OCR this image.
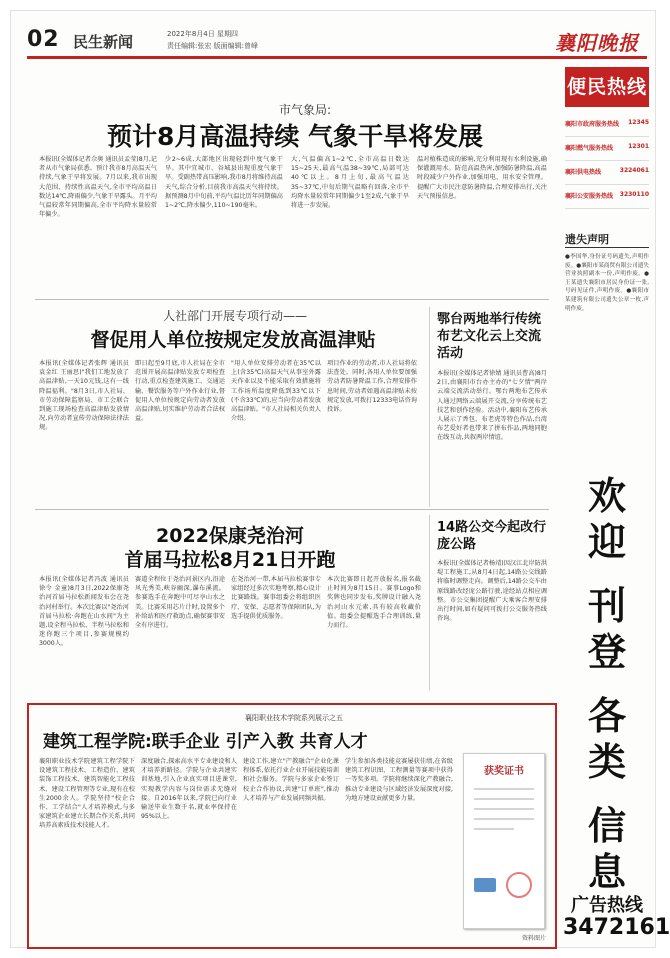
02 民生新闻	2022年8月4日 星期四
责任编辑:张宏 版面编辑:曾峰	襄阳晚报
市气象局:
预计8月高温持续 气象干旱将发展
本报讯(全媒体记者佘奥 通讯员孟莹)8月,记者从市气象局获悉。预计我市8月高温天气持续,气象干旱将发展。7月以来,我市出现大范围、持续性高温天气,全市平均高温日数达14℃,降雨偏少,气象干旱露头。月平均气温较常年同期偏高,全市平均降水量较常年偏少。
少2~6成,大部地区出现轻到中度气象干旱。其中宜城市、谷城县出现重度气象干旱。受副热带高压影响,我市8月将维持高温天气,综合分析,目前我市高温天气将持续。据预测8月中旬前,平均气温比历年同期偏高1~2℃,降水偏少,110~190毫米。
大,气温偏高1~2℃,全市高温日数达15~25天,最高气温38~39℃,局部可达40℃以上。8月上旬,最高气温达35~37℃,中旬后期气温略有回落,全市平均降水量较常年同期偏少1至2成,气象干旱将进一步发展。
温对植株造成的影响,充分利用现有水利设施,确保灌溉用水。防范高温热害,加强防暑降温,高温时段减少户外作业,加强用电、用水安全管理。提醒广大市民注意防暑降温,合理安排出行,关注天气预报信息。
人社部门开展专项行动——
督促用人单位按规定发放高温津贴
本报讯(全媒体记者张辉 通讯员袁金红 王丽思)"我们工地发放了高温津贴,一天10元钱,这有一线降温福利。"8月3日,市人社局、市劳动保障监察局、市工会联合到施工现场检查高温津贴发放情况,向劳动者宣传劳动保障法律法规。
即日起至9月底,市人社局在全市范围开展高温津贴发放专项检查行动,重点检查建筑施工、交通运输、餐饮服务等户外作业行业,督促用人单位按规定向劳动者发放高温津贴,切实维护劳动者合法权益。
"用人单位安排劳动者在35℃以上(含35℃)高温天气从事室外露天作业以及不能采取有效措施将工作场所温度降低到33℃以下(不含33℃)的,应当向劳动者发放高温津贴。"市人社局相关负责人介绍。
项目作业的劳动者,市人社局将依法查处。同时,各用人单位要加强劳动者防暑降温工作,合理安排作息时间,劳动者如遇高温津贴未按规定发放,可拨打12333电话咨询投诉。
鄂台两地举行传统布艺文化云上交流活动
本报讯(全媒体记者徐婧 通讯员曹高)8月2日,由襄阳市台办主办的"七夕情"两岸云端交流活动举行。鄂台两地布艺传承人通过网络云端展开交流,分享传统布艺技艺和创作经验。活动中,襄阳布艺传承人展示了香包、布老虎等特色作品,台湾布艺爱好者也带来了拼布作品,两地同胞在线互动,共叙两岸情谊。
2022保康尧治河
首届马拉松8月21日开跑
本报讯(全媒体记者冯波 通讯员徐令 金童)8月3日,2022保康尧治河首届马拉松新闻发布会在尧治河村举行。本次比赛以"尧治河首届马拉松·奔跑在山水间"为主题,设全程马拉松、半程马拉松和迷你跑三个项目,参赛规模约3000人。
赛道全程位于尧治河景区内,沿途风光秀美,峡谷幽深,瀑布溪流。参赛选手在奔跑中可尽享山水之美。比赛采用芯片计时,设置多个补给站和医疗救助点,确保赛事安全有序进行。
在尧治河一带,本届马拉松赛事专家组经过多次实地考察,精心设计比赛路线。赛事组委会将组织医疗、安保、志愿者等保障团队,为选手提供优质服务。
本次比赛即日起开放报名,报名截止时间为8月15日。赛事Logo和奖牌也同步发布,奖牌设计融入尧治河山水元素,具有较高收藏价值。组委会提醒选手合理训练,量力而行。
14路公交今起改行庞公路
本报讯(全媒体记者杨靖)因汉江北岸防洪堤工程施工,从8月4日起,14路公交线路将临时调整走向。调整后,14路公交车由原线路改经庞公路行驶,途经站点相应调整。市公交集团提醒广大乘客合理安排出行时间,如有疑问可拨打公交服务热线咨询。
襄阳职业技术学院系列展示之五
建筑工程学院:联手企业 引产入教 共育人才
襄阳职业技术学院建筑工程学院下设建筑工程技术、工程造价、建筑装饰工程技术、建筑智能化工程技术、建设工程管理等专业,现有在校生2000余人。学院坚持"校企合作、工学结合"人才培养模式,与多家建筑企业建立长期合作关系,共同培养高素质技术技能人才。
深度融合,探索高水平专业建设和人才培养新路径。学院与企业共建实训基地,引入企业真实项目进课堂,实现教学内容与岗位需求无缝对接。自2016年以来,学院已向行业输送毕业生数千名,就业率保持在95%以上。
建设工作,建立"产教融合"企业化课程体系,依托行业企业开展技能培训和社会服务。学院与多家企业签订校企合作协议,共建"订单班",推动人才培养与产业发展同频共振。
学生参加各类技能竞赛屡获佳绩,在省级建筑工程识图、工程测量等赛项中获得一等奖多项。学院将继续深化产教融合,推动专业建设与区域经济发展深度对接,为地方建设贡献更多力量。
获奖证书
资料图片
便民热线
襄阳市政府服务热线 12345
襄阳燃气服务热线	12301
襄阳供电热线	3224061
襄阳公安服务热线 3230110
遗失声明
●李国华,身份证号码遗失,声明作废。●襄阳市某商贸有限公司遗失营业执照副本一份,声明作废。●王某遗失襄阳市居民身份证一张,号码见证件,声明作废。●襄阳市某建筑有限公司遗失公章一枚,声明作废。
欢
迎
刊
登
各
类
信
息
广告热线
3472161
